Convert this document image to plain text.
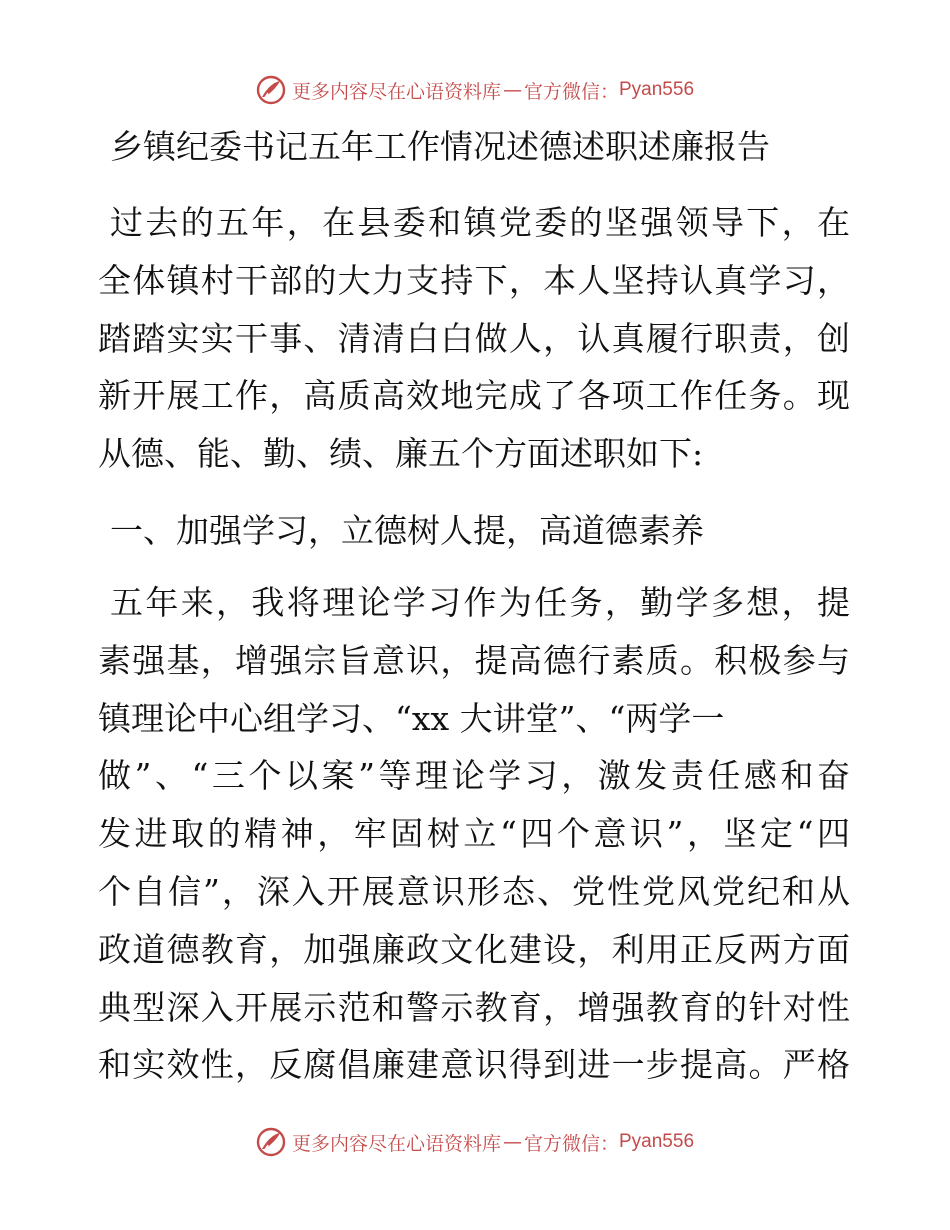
更多内容尽在心语资料库 — 官方微信： Pyan556
乡镇纪委书记五年工作情况述德述职述廉报告
过去的五年，在县委和镇党委的坚强领导下，在
全体镇村干部的大力支持下，本人坚持认真学习，
踏踏实实干事、清清白白做人，认真履行职责，创
新开展工作，高质高效地完成了各项工作任务。现
从德、能、勤、绩、廉五个方面述职如下:
一、加强学习，立德树人提，高道德素养
五年来，我将理论学习作为任务，勤学多想，提
素强基，增强宗旨意识，提高德行素质。积极参与
镇理论中心组学习、“xx 大讲堂”、“两学一
做”、“三个以案”等理论学习，激发责任感和奋
发进取的精神，牢固树立“四个意识”，坚定“四
个自信”，深入开展意识形态、党性党风党纪和从
政道德教育，加强廉政文化建设，利用正反两方面
典型深入开展示范和警示教育，增强教育的针对性
和实效性，反腐倡廉建意识得到进一步提高。严格
更多内容尽在心语资料库 — 官方微信： Pyan556
